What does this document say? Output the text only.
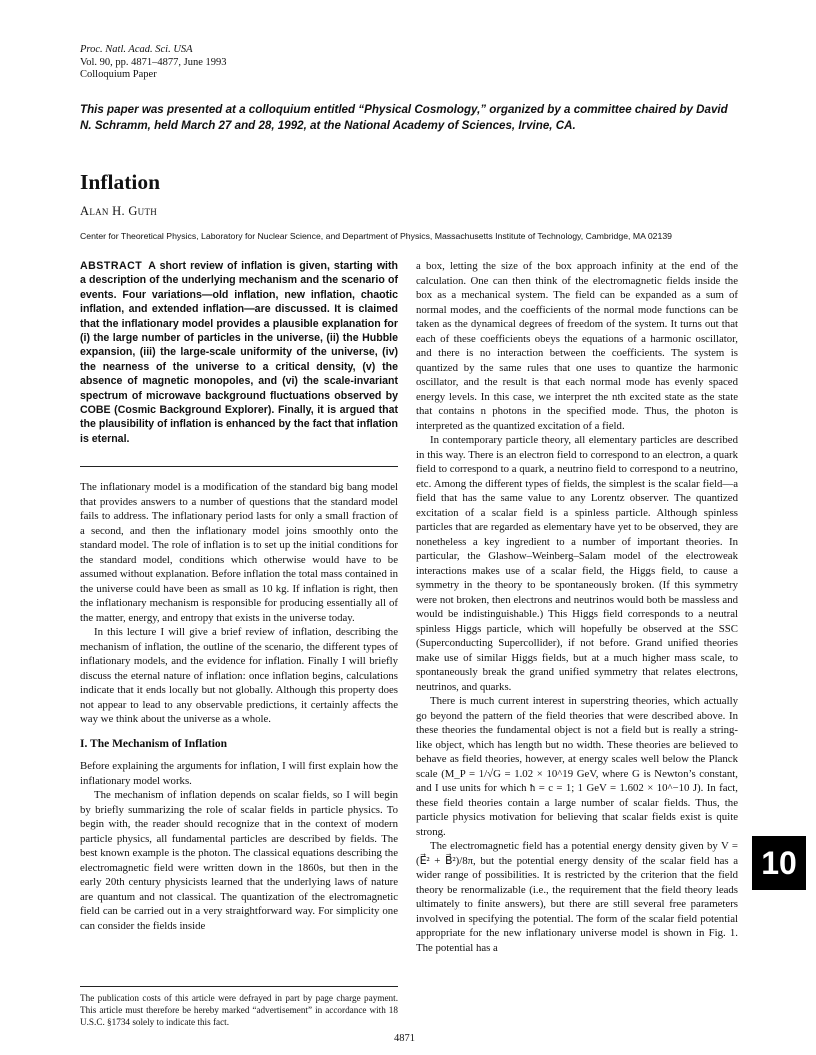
Proc. Natl. Acad. Sci. USA
Vol. 90, pp. 4871–4877, June 1993
Colloquium Paper
This paper was presented at a colloquium entitled “Physical Cosmology,” organized by a committee chaired by David N. Schramm, held March 27 and 28, 1992, at the National Academy of Sciences, Irvine, CA.
Inflation
Alan H. Guth
Center for Theoretical Physics, Laboratory for Nuclear Science, and Department of Physics, Massachusetts Institute of Technology, Cambridge, MA 02139
ABSTRACT A short review of inflation is given, starting with a description of the underlying mechanism and the scenario of events. Four variations—old inflation, new inflation, chaotic inflation, and extended inflation—are discussed. It is claimed that the inflationary model provides a plausible explanation for (i) the large number of particles in the universe, (ii) the Hubble expansion, (iii) the large-scale uniformity of the universe, (iv) the nearness of the universe to a critical density, (v) the absence of magnetic monopoles, and (vi) the scale-invariant spectrum of microwave background fluctuations observed by COBE (Cosmic Background Explorer). Finally, it is argued that the plausibility of inflation is enhanced by the fact that inflation is eternal.

The inflationary model is a modification of the standard big bang model that provides answers to a number of questions that the standard model fails to address. The inflationary period lasts for only a small fraction of a second, and then the inflationary model joins smoothly onto the standard model. The role of inflation is to set up the initial conditions for the standard model, conditions which otherwise would have to be assumed without explanation. Before inflation the total mass contained in the universe could have been as small as 10 kg. If inflation is right, then the inflationary mechanism is responsible for producing essentially all of the matter, energy, and entropy that exists in the universe today.

In this lecture I will give a brief review of inflation, describing the mechanism of inflation, the outline of the scenario, the different types of inflationary models, and the evidence for inflation. Finally I will briefly discuss the eternal nature of inflation: once inflation begins, calculations indicate that it ends locally but not globally. Although this property does not appear to lead to any observable predictions, it certainly affects the way we think about the universe as a whole.

I. The Mechanism of Inflation

Before explaining the arguments for inflation, I will first explain how the inflationary model works.

The mechanism of inflation depends on scalar fields, so I will begin by briefly summarizing the role of scalar fields in particle physics. To begin with, the reader should recognize that in the context of modern particle physics, all fundamental particles are described by fields. The best known example is the photon. The classical equations describing the electromagnetic field were written down in the 1860s, but then in the early 20th century physicists learned that the underlying laws of nature are quantum and not classical. The quantization of the electromagnetic field can be carried out in a very straightforward way. For simplicity one can consider the fields inside

The publication costs of this article were defrayed in part by page charge payment. This article must therefore be hereby marked “advertisement” in accordance with 18 U.S.C. §1734 solely to indicate this fact.

a box, letting the size of the box approach infinity at the end of the calculation. One can then think of the electromagnetic fields inside the box as a mechanical system. The field can be expanded as a sum of normal modes, and the coefficients of the normal mode functions can be taken as the dynamical degrees of freedom of the system. It turns out that each of these coefficients obeys the equations of a harmonic oscillator, and there is no interaction between the coefficients. The system is quantized by the same rules that one uses to quantize the harmonic oscillator, and the result is that each normal mode has evenly spaced energy levels. In this case, we interpret the nth excited state as the state that contains n photons in the specified mode. Thus, the photon is interpreted as the quantized excitation of a field.

In contemporary particle theory, all elementary particles are described in this way. There is an electron field to correspond to an electron, a quark field to correspond to a quark, a neutrino field to correspond to a neutrino, etc. Among the different types of fields, the simplest is the scalar field—a field that has the same value to any Lorentz observer. The quantized excitation of a scalar field is a spinless particle. Although spinless particles that are regarded as elementary have yet to be observed, they are nonetheless a key ingredient to a number of important theories. In particular, the Glashow–Weinberg–Salam model of the electroweak interactions makes use of a scalar field, the Higgs field, to cause a symmetry in the theory to be spontaneously broken. (If this symmetry were not broken, then electrons and neutrinos would both be massless and would be indistinguishable.) This Higgs field corresponds to a neutral spinless Higgs particle, which will hopefully be observed at the SSC (Superconducting Supercollider), if not before. Grand unified theories make use of similar Higgs fields, but at a much higher mass scale, to spontaneously break the grand unified symmetry that relates electrons, neutrinos, and quarks.

There is much current interest in superstring theories, which actually go beyond the pattern of the field theories that were described above. In these theories the fundamental object is not a field but is really a string-like object, which has length but no width. These theories are believed to behave as field theories, however, at energy scales well below the Planck scale (M_P = 1/√G = 1.02 × 10^19 GeV, where G is Newton’s constant, and I use units for which ħ = c = 1; 1 GeV = 1.602 × 10^−10 J). In fact, these field theories contain a large number of scalar fields. Thus, the particle physics motivation for believing that scalar fields exist is quite strong.

The electromagnetic field has a potential energy density given by V = (E⃗² + B⃗²)/8π, but the potential energy density of the scalar field has a wider range of possibilities. It is restricted by the criterion that the field theory be renormalizable (i.e., the requirement that the field theory leads ultimately to finite answers), but there are still several free parameters involved in specifying the potential. The form of the scalar field potential appropriate for the new inflationary universe model is shown in Fig. 1. The potential has a

10
4871
